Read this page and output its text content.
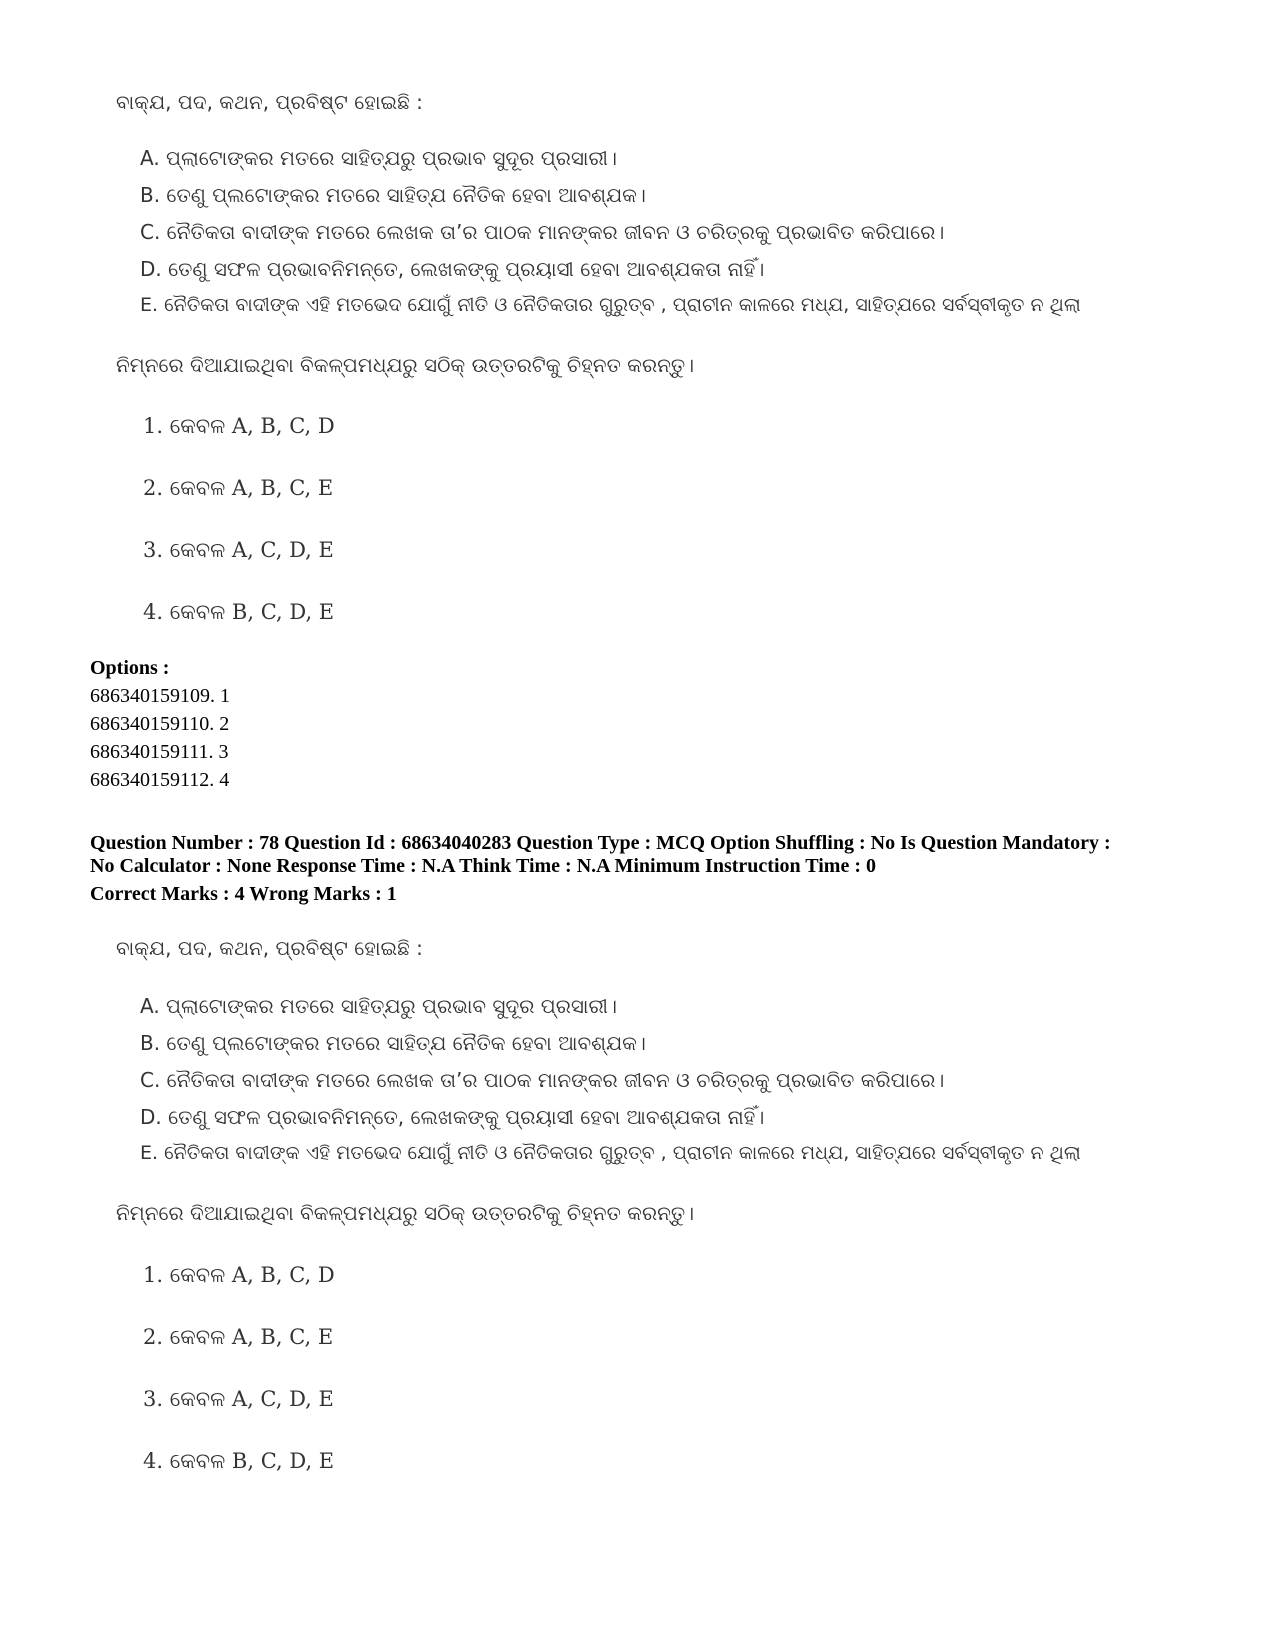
ବାକ୍ଯ, ପଦ, କଥନ, ପ୍ରବିଷ୍ଟ ହୋଇଛି :
A. ପ୍ଲାଟୋଙ୍କର ମତରେ ସାହିତ୍ଯରୁ ପ୍ରଭାବ ସୁଦୂର ପ୍ରସାରୀ।
B. ତେଣୁ ପ୍ଲଟୋଙ୍କର ମତରେ ସାହିତ୍ଯ ନୈତିକ ହେବା ଆବଶ୍ଯକ।
C. ନୈତିକତା ବାଦୀଙ୍କ ମତରେ ଲେଖକ ତା’ର ପାଠକ ମାନଙ୍କର ଜୀବନ ଓ ଚରିତ୍ରକୁ ପ୍ରଭାବିତ କରିପାରେ।
D. ତେଣୁ ସଫଳ ପ୍ରଭାବନିମନ୍ତେ, ଲେଖକଙ୍କୁ ପ୍ରୟାସୀ ହେବା ଆବଶ୍ଯକତା ନାହିଁ।
E. ନୈତିକତା ବାଦୀଙ୍କ ଏହି ମତଭେଦ ଯୋଗୁଁ ନୀତି ଓ ନୈତିକତାର ଗୁରୁତ୍ବ , ପ୍ରାଚୀନ କାଳରେ ମଧ୍ଯ, ସାହିତ୍ଯରେ ସର୍ବସ୍ବୀକୃତ ନ ଥିଲା
ନିମ୍ନରେ ଦିଆଯାଇଥିବା ବିକଳ୍ପମଧ୍ଯରୁ ସଠିକ୍ ଉତ୍ତରଟିକୁ ଚିହ୍ନତ କରନ୍ତୁ।
1. କେବଳ A, B, C, D
2. କେବଳ A, B, C, E
3. କେବଳ A, C, D, E
4. କେବଳ B, C, D, E
Options :
686340159109. 1
686340159110. 2
686340159111. 3
686340159112. 4
Question Number : 78 Question Id : 68634040283 Question Type : MCQ Option Shuffling : No Is Question Mandatory :
No Calculator : None Response Time : N.A Think Time : N.A Minimum Instruction Time : 0
Correct Marks : 4 Wrong Marks : 1
ବାକ୍ଯ, ପଦ, କଥନ, ପ୍ରବିଷ୍ଟ ହୋଇଛି :
A. ପ୍ଲାଟୋଙ୍କର ମତରେ ସାହିତ୍ଯରୁ ପ୍ରଭାବ ସୁଦୂର ପ୍ରସାରୀ।
B. ତେଣୁ ପ୍ଲଟୋଙ୍କର ମତରେ ସାହିତ୍ଯ ନୈତିକ ହେବା ଆବଶ୍ଯକ।
C. ନୈତିକତା ବାଦୀଙ୍କ ମତରେ ଲେଖକ ତା’ର ପାଠକ ମାନଙ୍କର ଜୀବନ ଓ ଚରିତ୍ରକୁ ପ୍ରଭାବିତ କରିପାରେ।
D. ତେଣୁ ସଫଳ ପ୍ରଭାବନିମନ୍ତେ, ଲେଖକଙ୍କୁ ପ୍ରୟାସୀ ହେବା ଆବଶ୍ଯକତା ନାହିଁ।
E. ନୈତିକତା ବାଦୀଙ୍କ ଏହି ମତଭେଦ ଯୋଗୁଁ ନୀତି ଓ ନୈତିକତାର ଗୁରୁତ୍ବ , ପ୍ରାଚୀନ କାଳରେ ମଧ୍ଯ, ସାହିତ୍ଯରେ ସର୍ବସ୍ବୀକୃତ ନ ଥିଲା
ନିମ୍ନରେ ଦିଆଯାଇଥିବା ବିକଳ୍ପମଧ୍ଯରୁ ସଠିକ୍ ଉତ୍ତରଟିକୁ ଚିହ୍ନତ କରନ୍ତୁ।
1. କେବଳ A, B, C, D
2. କେବଳ A, B, C, E
3. କେବଳ A, C, D, E
4. କେବଳ B, C, D, E
